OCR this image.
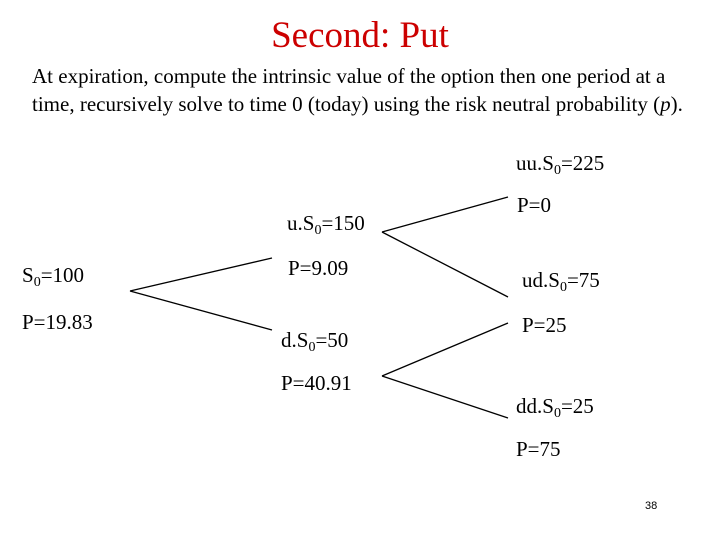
Second: Put
At expiration, compute the intrinsic value of the option then one period at a time, recursively solve to time 0 (today) using the risk neutral probability (p).
$S_0=100$
P=19.83
$u.S_0=150$
P=9.09
$d.S_0=50$
P=40.91
$uu.S_0=225$
P=0
$ud.S_0=75$
P=25
$dd.S_0=25$
P=75
38
